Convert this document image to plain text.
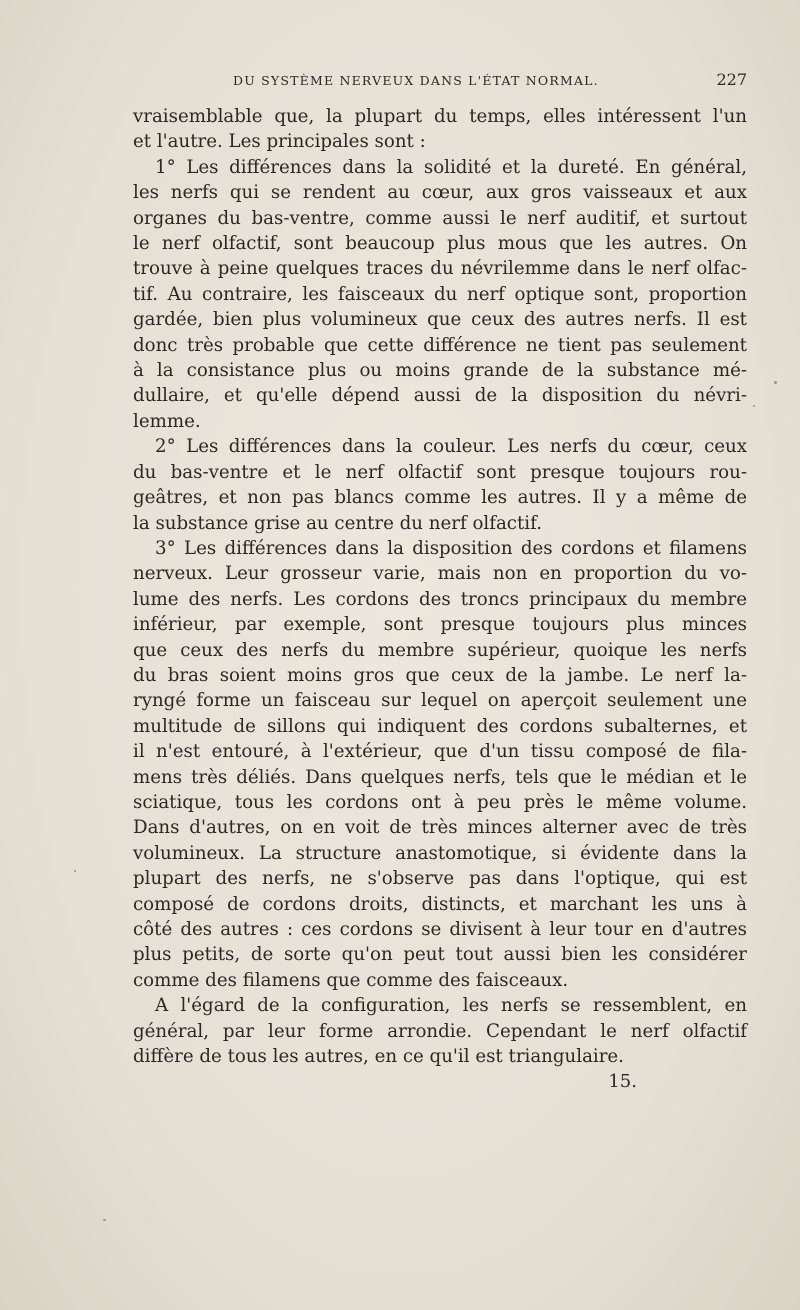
DU SYSTÈME NERVEUX DANS L'ÉTAT NORMAL.	227
vraisemblable que, la plupart du temps, elles intéressent l'un
et l'autre. Les principales sont :
1° Les différences dans la solidité et la dureté. En général,
les nerfs qui se rendent au cœur, aux gros vaisseaux et aux
organes du bas-ventre, comme aussi le nerf auditif, et surtout
le nerf olfactif, sont beaucoup plus mous que les autres. On
trouve à peine quelques traces du névrilemme dans le nerf olfac-
tif. Au contraire, les faisceaux du nerf optique sont, proportion
gardée, bien plus volumineux que ceux des autres nerfs. Il est
donc très probable que cette différence ne tient pas seulement
à la consistance plus ou moins grande de la substance mé-
dullaire, et qu'elle dépend aussi de la disposition du névri-
lemme.
2° Les différences dans la couleur. Les nerfs du cœur, ceux
du bas-ventre et le nerf olfactif sont presque toujours rou-
geâtres, et non pas blancs comme les autres. Il y a même de
la substance grise au centre du nerf olfactif.
3° Les différences dans la disposition des cordons et filamens
nerveux. Leur grosseur varie, mais non en proportion du vo-
lume des nerfs. Les cordons des troncs principaux du membre
inférieur, par exemple, sont presque toujours plus minces
que ceux des nerfs du membre supérieur, quoique les nerfs
du bras soient moins gros que ceux de la jambe. Le nerf la-
ryngé forme un faisceau sur lequel on aperçoit seulement une
multitude de sillons qui indiquent des cordons subalternes, et
il n'est entouré, à l'extérieur, que d'un tissu composé de fila-
mens très déliés. Dans quelques nerfs, tels que le médian et le
sciatique, tous les cordons ont à peu près le même volume.
Dans d'autres, on en voit de très minces alterner avec de très
volumineux. La structure anastomotique, si évidente dans la
plupart des nerfs, ne s'observe pas dans l'optique, qui est
composé de cordons droits, distincts, et marchant les uns à
côté des autres : ces cordons se divisent à leur tour en d'autres
plus petits, de sorte qu'on peut tout aussi bien les considérer
comme des filamens que comme des faisceaux.
A l'égard de la configuration, les nerfs se ressemblent, en
général, par leur forme arrondie. Cependant le nerf olfactif
diffère de tous les autres, en ce qu'il est triangulaire.
15.
